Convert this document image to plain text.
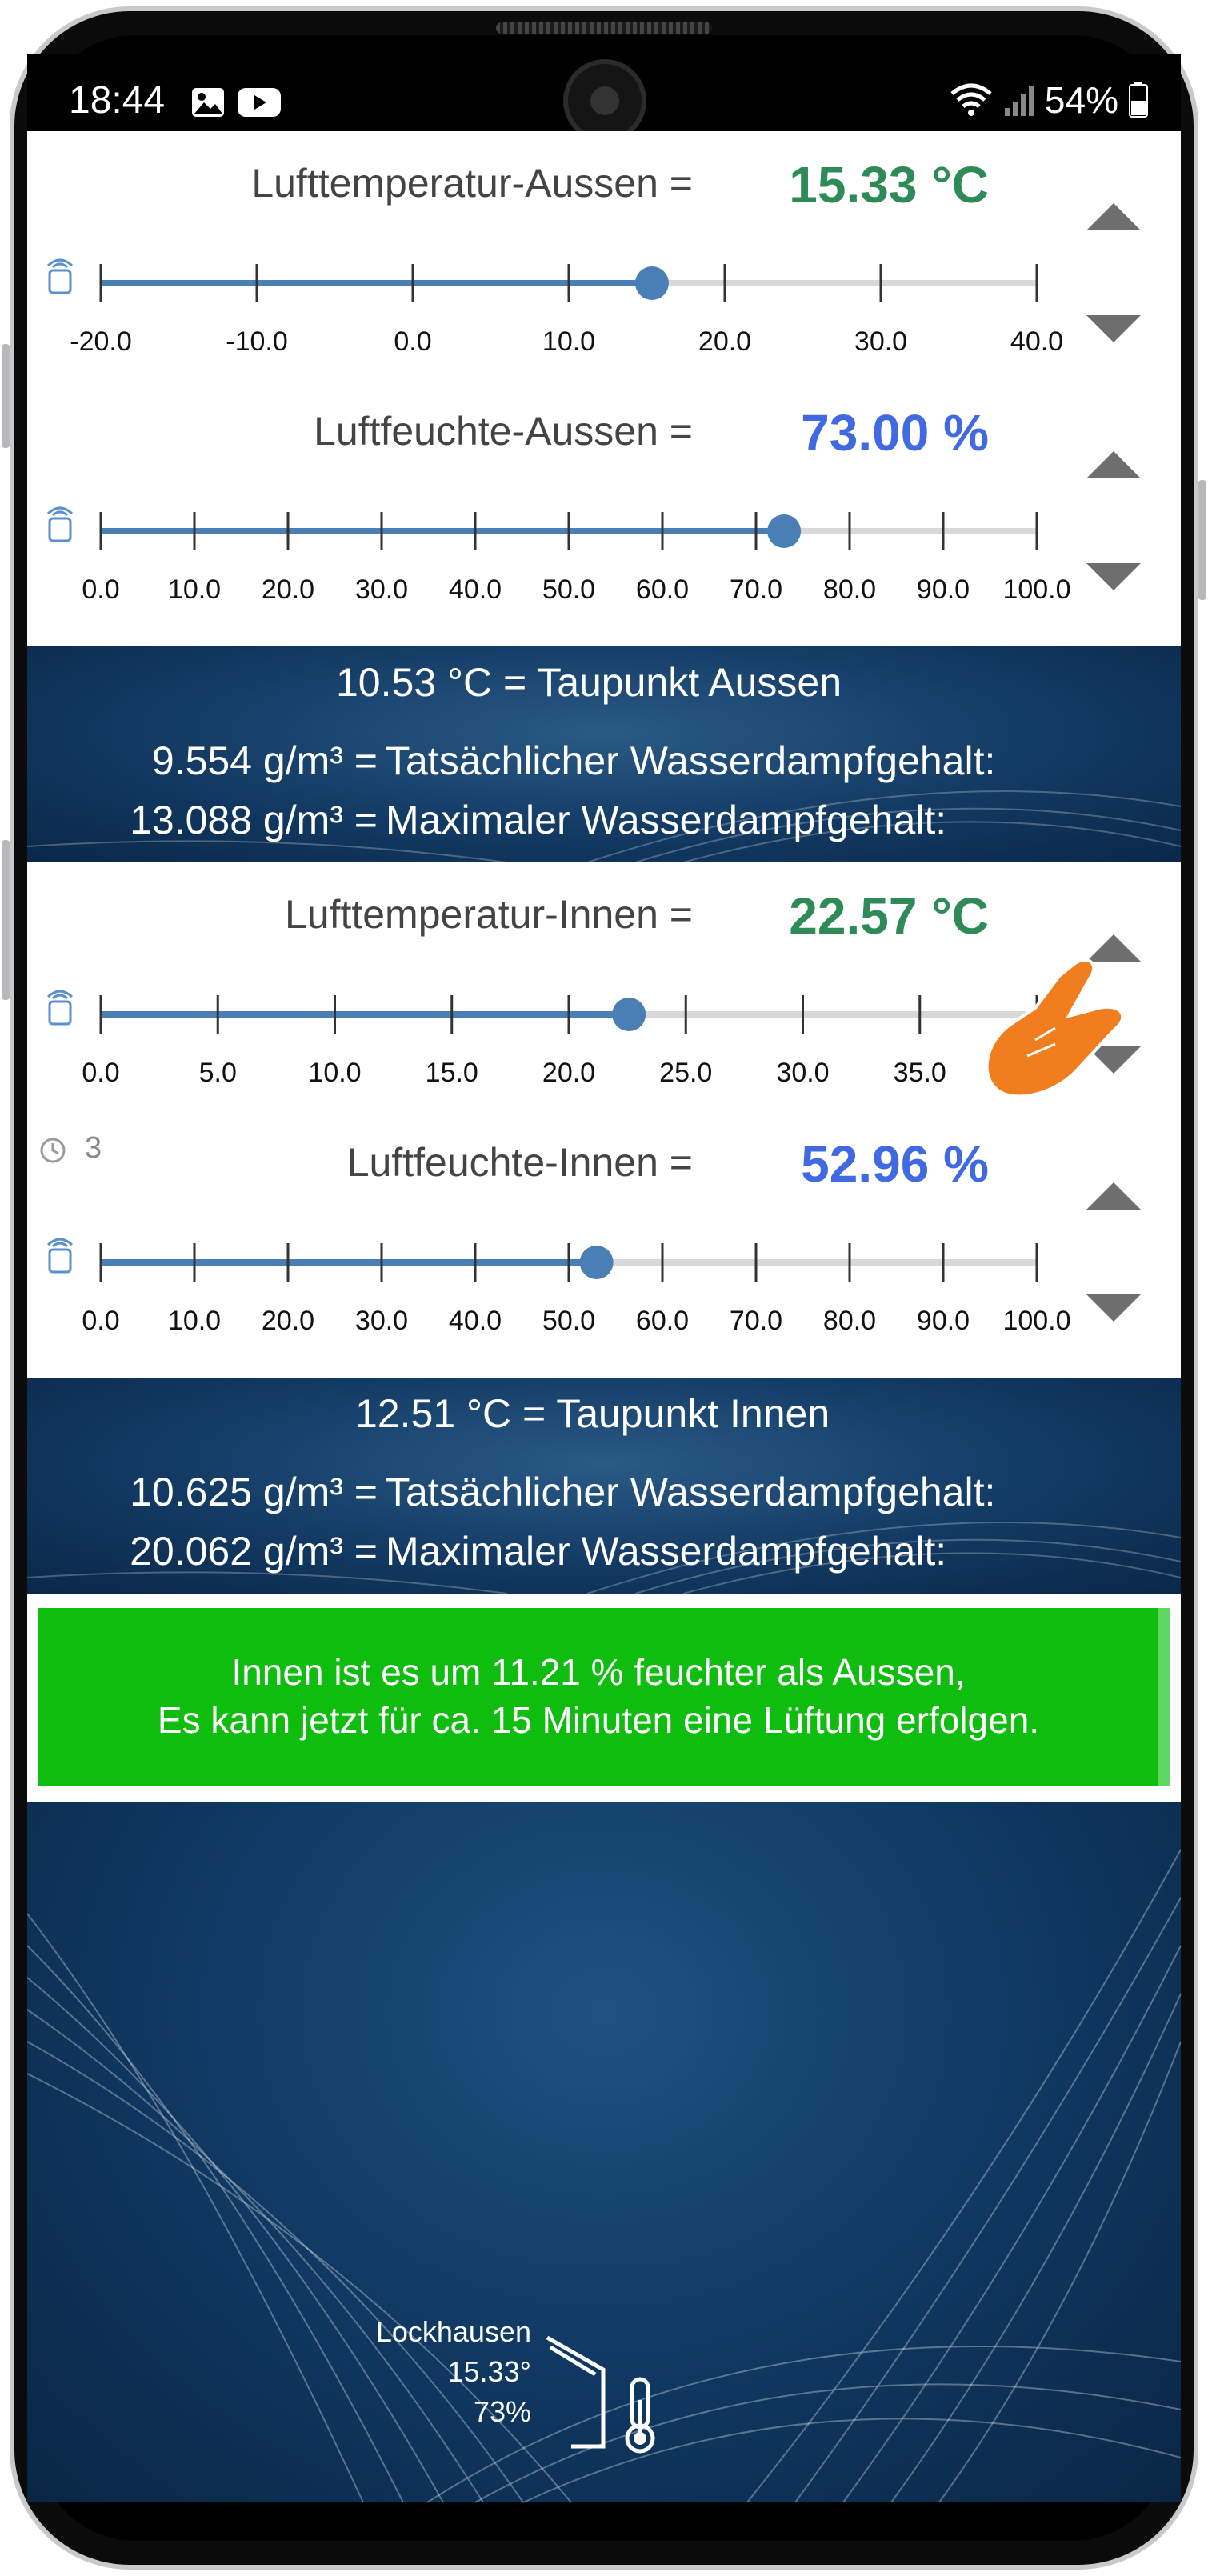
18:44	54%
Lufttemperatur-Aussen = 15.33 °C
-20.0	-10.0	0.0	10.0	20.0	30.0	40.0
Luftfeuchte-Aussen = 73.00 %
0.0 10.0 20.0 30.0 40.0 50.0 60.0 70.0 80.0 90.0 100.0
10.53 °C = Taupunkt Aussen
9.554 g/m³ = Tatsächlicher Wasserdampfgehalt:
13.088 g/m³ = Maximaler Wasserdampfgehalt:
Lufttemperatur-Innen = 22.57 °C
0.0	5.0	10.0 15.0 20.0 25.0 30.0 35.0
3	Luftfeuchte-Innen = 52.96 %
0.0 10.0 20.0 30.0 40.0 50.0 60.0 70.0 80.0 90.0 100.0
12.51 °C = Taupunkt Innen
10.625 g/m³ = Tatsächlicher Wasserdampfgehalt:
20.062 g/m³ = Maximaler Wasserdampfgehalt:
Innen ist es um 11.21 % feuchter als Aussen,
Es kann jetzt für ca. 15 Minuten eine Lüftung erfolgen.
Lockhausen
15.33°
73%
